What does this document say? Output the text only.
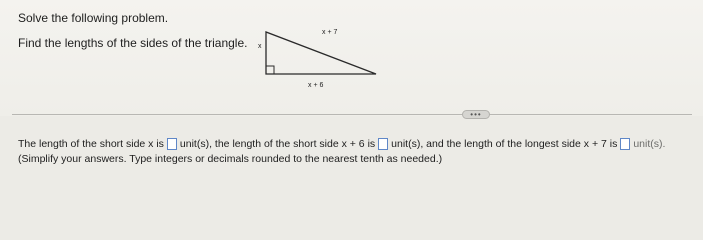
Solve the following problem.
Find the lengths of the sides of the triangle. x
x + 7
x + 6
•••
The length of the short side x is unit(s), the length of the short side x + 6 is unit(s), and the length of the longest side x + 7 is unit(s).
(Simplify your answers. Type integers or decimals rounded to the nearest tenth as needed.)
